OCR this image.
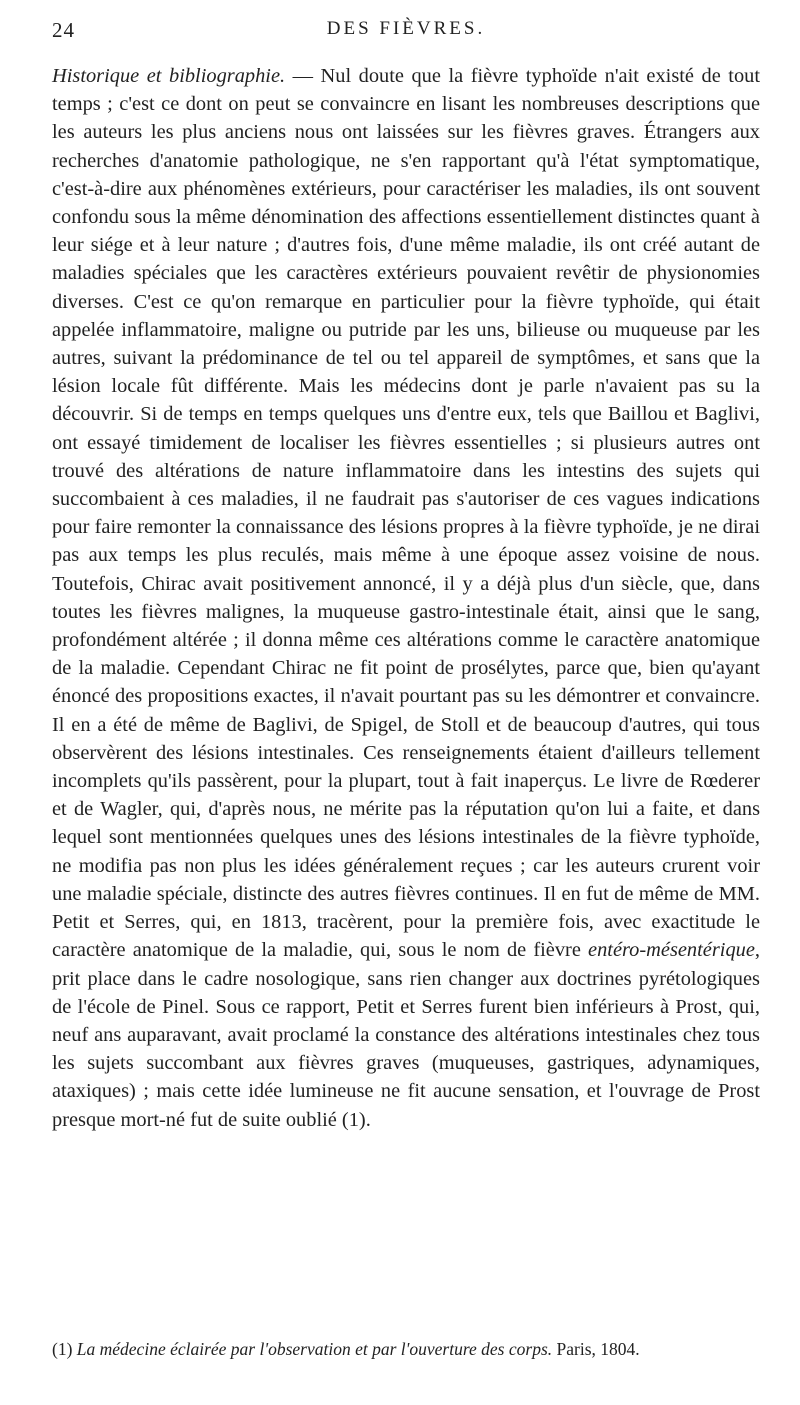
24	DES FIÈVRES.

Historique et bibliographie. — Nul doute que la fièvre typhoïde n'ait existé de tout temps ; c'est ce dont on peut se convaincre en lisant les nombreuses descriptions que les auteurs les plus anciens nous ont laissées sur les fièvres graves. Étrangers aux recherches d'anatomie pathologique, ne s'en rapportant qu'à l'état symptomatique, c'est-à-dire aux phénomènes extérieurs, pour caractériser les maladies, ils ont souvent confondu sous la même dénomination des affections essentiellement distinctes quant à leur siége et à leur nature ; d'autres fois, d'une même maladie, ils ont créé autant de maladies spéciales que les caractères extérieurs pouvaient revêtir de physionomies diverses. C'est ce qu'on remarque en particulier pour la fièvre typhoïde, qui était appelée inflammatoire, maligne ou putride par les uns, bilieuse ou muqueuse par les autres, suivant la prédominance de tel ou tel appareil de symptômes, et sans que la lésion locale fût différente. Mais les médecins dont je parle n'avaient pas su la découvrir. Si de temps en temps quelques uns d'entre eux, tels que Baillou et Baglivi, ont essayé timidement de localiser les fièvres essentielles ; si plusieurs autres ont trouvé des altérations de nature inflammatoire dans les intestins des sujets qui succombaient à ces maladies, il ne faudrait pas s'autoriser de ces vagues indications pour faire remonter la connaissance des lésions propres à la fièvre typhoïde, je ne dirai pas aux temps les plus reculés, mais même à une époque assez voisine de nous. Toutefois, Chirac avait positivement annoncé, il y a déjà plus d'un siècle, que, dans toutes les fièvres malignes, la muqueuse gastro-intestinale était, ainsi que le sang, profondément altérée ; il donna même ces altérations comme le caractère anatomique de la maladie. Cependant Chirac ne fit point de prosélytes, parce que, bien qu'ayant énoncé des propositions exactes, il n'avait pourtant pas su les démontrer et convaincre. Il en a été de même de Baglivi, de Spigel, de Stoll et de beaucoup d'autres, qui tous observèrent des lésions intestinales. Ces renseignements étaient d'ailleurs tellement incomplets qu'ils passèrent, pour la plupart, tout à fait inaperçus. Le livre de Rœderer et de Wagler, qui, d'après nous, ne mérite pas la réputation qu'on lui a faite, et dans lequel sont mentionnées quelques unes des lésions intestinales de la fièvre typhoïde, ne modifia pas non plus les idées généralement reçues ; car les auteurs crurent voir une maladie spéciale, distincte des autres fièvres continues. Il en fut de même de MM. Petit et Serres, qui, en 1813, tracèrent, pour la première fois, avec exactitude le caractère anatomique de la maladie, qui, sous le nom de fièvre entéro-mésentérique, prit place dans le cadre nosologique, sans rien changer aux doctrines pyrétologiques de l'école de Pinel. Sous ce rapport, Petit et Serres furent bien inférieurs à Prost, qui, neuf ans auparavant, avait proclamé la constance des altérations intestinales chez tous les sujets succombant aux fièvres graves (muqueuses, gastriques, adynamiques, ataxiques) ; mais cette idée lumineuse ne fit aucune sensation, et l'ouvrage de Prost presque mort-né fut de suite oublié (1).

(1) La médecine éclairée par l'observation et par l'ouverture des corps. Paris, 1804.
